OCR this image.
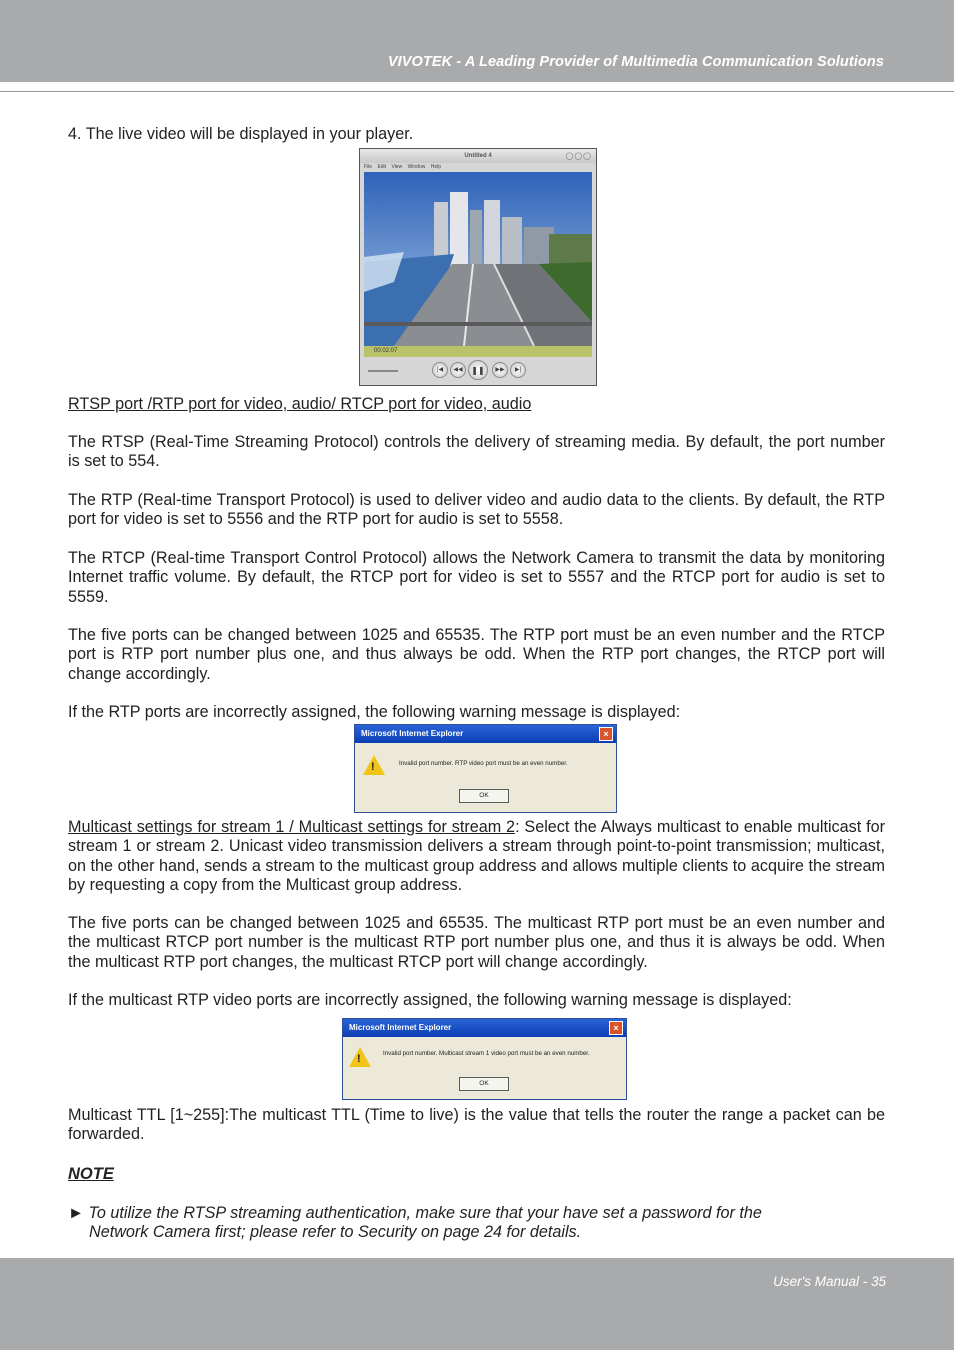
VIVOTEK - A Leading Provider of Multimedia Communication Solutions
4. The live video will be displayed in your player.
Untitled 4	◯◯◯
File Edit View Window Help
00:02:07
|◀	◀◀	❚❚	▶▶	▶|
RTSP port /RTP port for video, audio/ RTCP port for video, audio
The RTSP (Real-Time Streaming Protocol) controls the delivery of streaming media. By default, the port number is set to 554.
The RTP (Real-time Transport Protocol) is used to deliver video and audio data to the clients. By default, the RTP port for video is set to 5556 and the RTP port for audio is set to 5558.
The RTCP (Real-time Transport Control Protocol) allows the Network Camera to transmit the data by monitoring Internet traffic volume. By default, the RTCP port for video is set to 5557 and the RTCP port for audio is set to 5559.
The five ports can be changed between 1025 and 65535. The RTP port must be an even number and the RTCP port is RTP port number plus one, and thus always be odd. When the RTP port changes, the RTCP port will change accordingly.
If the RTP ports are incorrectly assigned, the following warning message is displayed:
Microsoft Internet Explorer	×
!	Invalid port number. RTP video port must be an even number.
OK
Multicast settings for stream 1 / Multicast settings for stream 2: Select the Always multicast to enable multicast for stream 1 or stream 2. Unicast video transmission delivers a stream through point-to-point transmission; multicast, on the other hand, sends a stream to the multicast group address and allows multiple clients to acquire the stream by requesting a copy from the Multicast group address.
The five ports can be changed between 1025 and 65535. The multicast RTP port must be an even number and the multicast RTCP port number is the multicast RTP port number plus one, and thus it is always be odd. When the multicast RTP port changes, the multicast RTCP port will change accordingly.
If the multicast RTP video ports are incorrectly assigned, the following warning message is displayed:
Microsoft Internet Explorer	×
!	Invalid port number. Multicast stream 1 video port must be an even number.
OK
Multicast TTL [1~255]:The multicast TTL (Time to live) is the value that tells the router the range a packet can be forwarded.
NOTE
► To utilize the RTSP streaming authentication, make sure that your have set a password for the
Network Camera first; please refer to Security on page 24 for details.
User's Manual - 35
